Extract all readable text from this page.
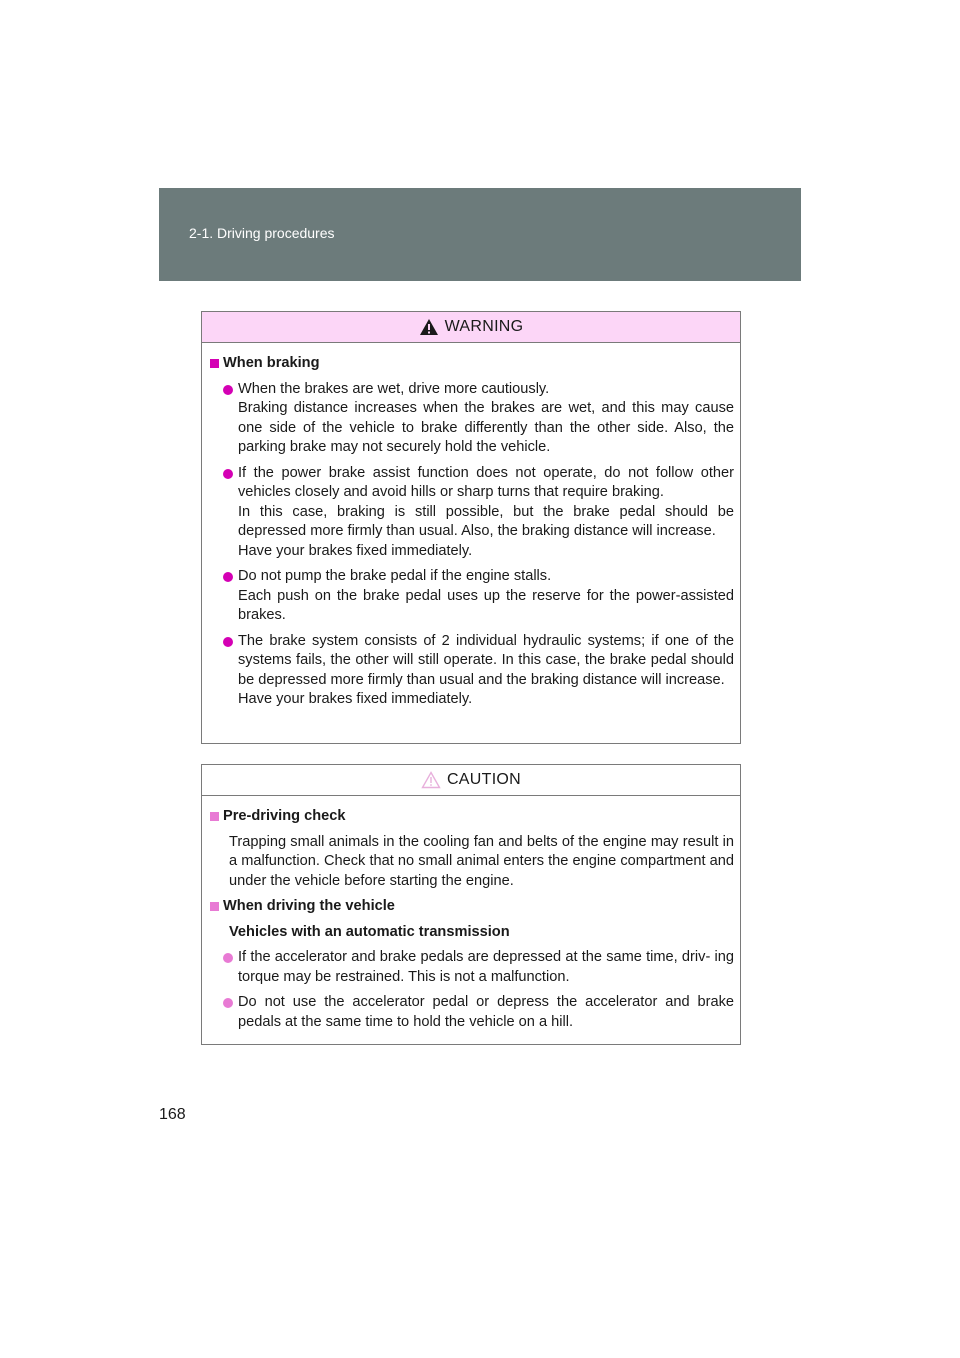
2-1. Driving procedures
WARNING
When braking

When the brakes are wet, drive more cautiously.

Braking distance increases when the brakes are wet, and this may cause one side of the vehicle to brake differently than the other side. Also, the parking brake may not securely hold the vehicle.

If the power brake assist function does not operate, do not follow other vehicles closely and avoid hills or sharp turns that require braking.

In this case, braking is still possible, but the brake pedal should be depressed more firmly than usual. Also, the braking distance will increase.

Have your brakes fixed immediately.

Do not pump the brake pedal if the engine stalls.

Each push on the brake pedal uses up the reserve for the power-assisted brakes.

The brake system consists of 2 individual hydraulic systems; if one of the systems fails, the other will still operate. In this case, the brake pedal should be depressed more firmly than usual and the braking distance will increase.

Have your brakes fixed immediately.

CAUTION
Pre-driving check
Trapping small animals in the cooling fan and belts of the engine may result in a malfunction. Check that no small animal enters the engine compartment and under the vehicle before starting the engine.
When driving the vehicle
Vehicles with an automatic transmission
If the accelerator and brake pedals are depressed at the same time, driv- ing torque may be restrained. This is not a malfunction.
Do not use the accelerator pedal or depress the accelerator and brake pedals at the same time to hold the vehicle on a hill.
168
